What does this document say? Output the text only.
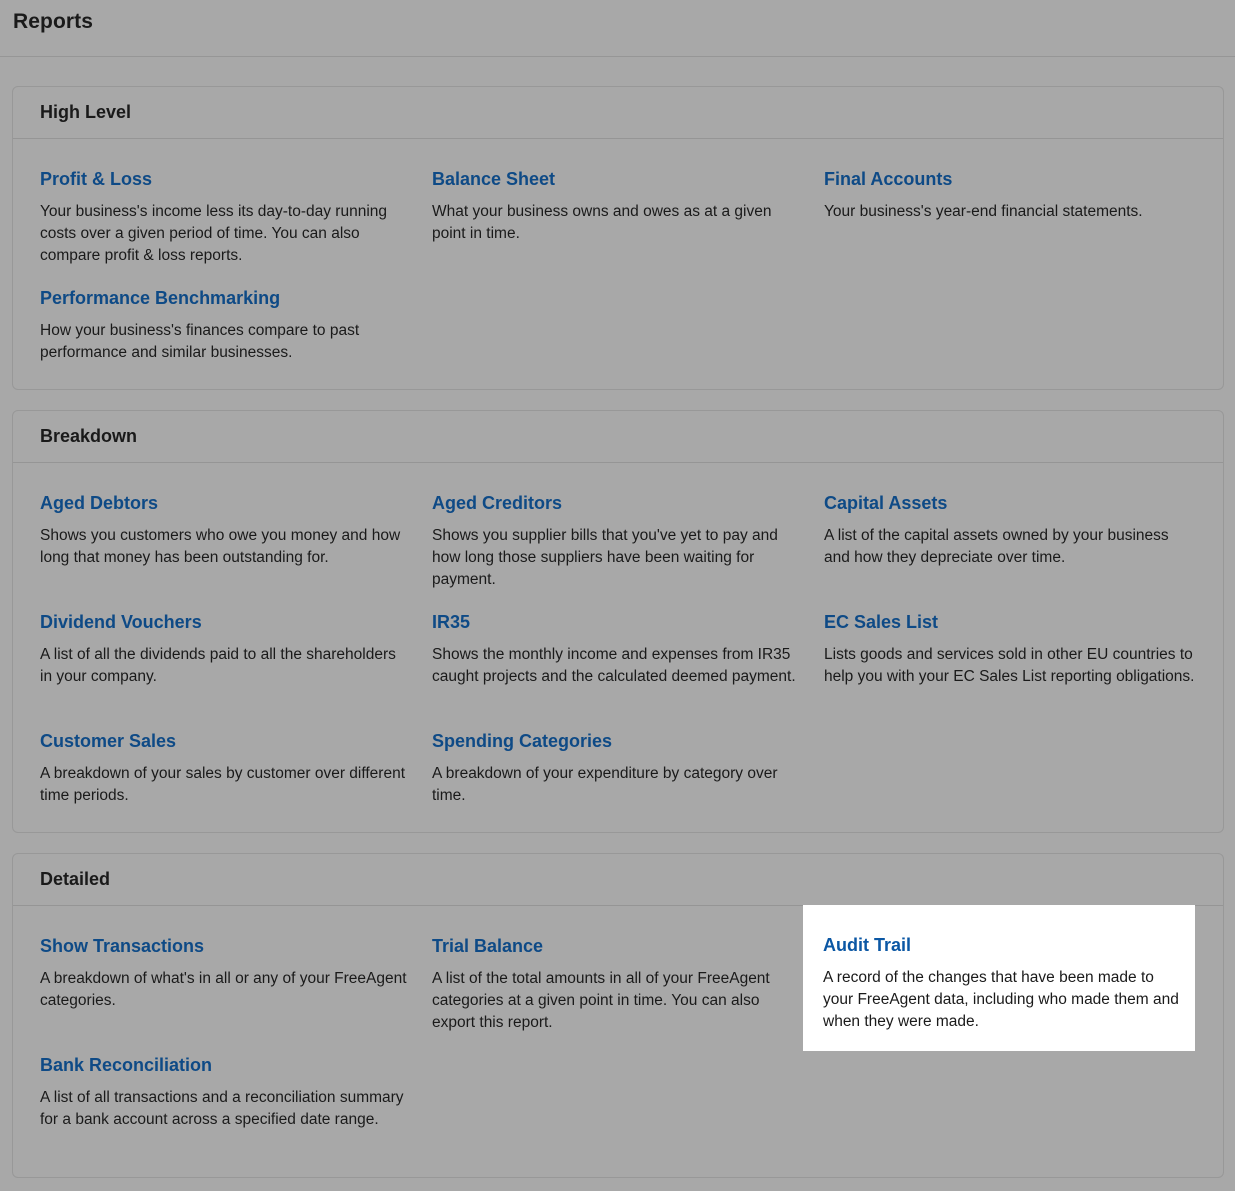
Reports
High Level
Profit & Loss

Your business's income less its day-to-day running costs over a given period of time. You can also compare profit & loss reports.

Balance Sheet

What your business owns and owes as at a given point in time.

Final Accounts

Your business's year-end financial statements.

Performance Benchmarking

How your business's finances compare to past performance and similar businesses.

Breakdown
Aged Debtors

Shows you customers who owe you money and how long that money has been outstanding for.

Aged Creditors

Shows you supplier bills that you've yet to pay and how long those suppliers have been waiting for payment.

Capital Assets

A list of the capital assets owned by your business and how they depreciate over time.

Dividend Vouchers

A list of all the dividends paid to all the shareholders in your company.

IR35

Shows the monthly income and expenses from IR35 caught projects and the calculated deemed payment.

EC Sales List

Lists goods and services sold in other EU countries to help you with your EC Sales List reporting obligations.

Customer Sales

A breakdown of your sales by customer over different time periods.

Spending Categories

A breakdown of your expenditure by category over time.

Detailed
Show Transactions

A breakdown of what's in all or any of your FreeAgent categories.

Trial Balance

A list of the total amounts in all of your FreeAgent categories at a given point in time. You can also export this report.

Bank Reconciliation

A list of all transactions and a reconciliation summary for a bank account across a specified date range.

Audit Trail

A record of the changes that have been made to your FreeAgent data, including who made them and when they were made.
